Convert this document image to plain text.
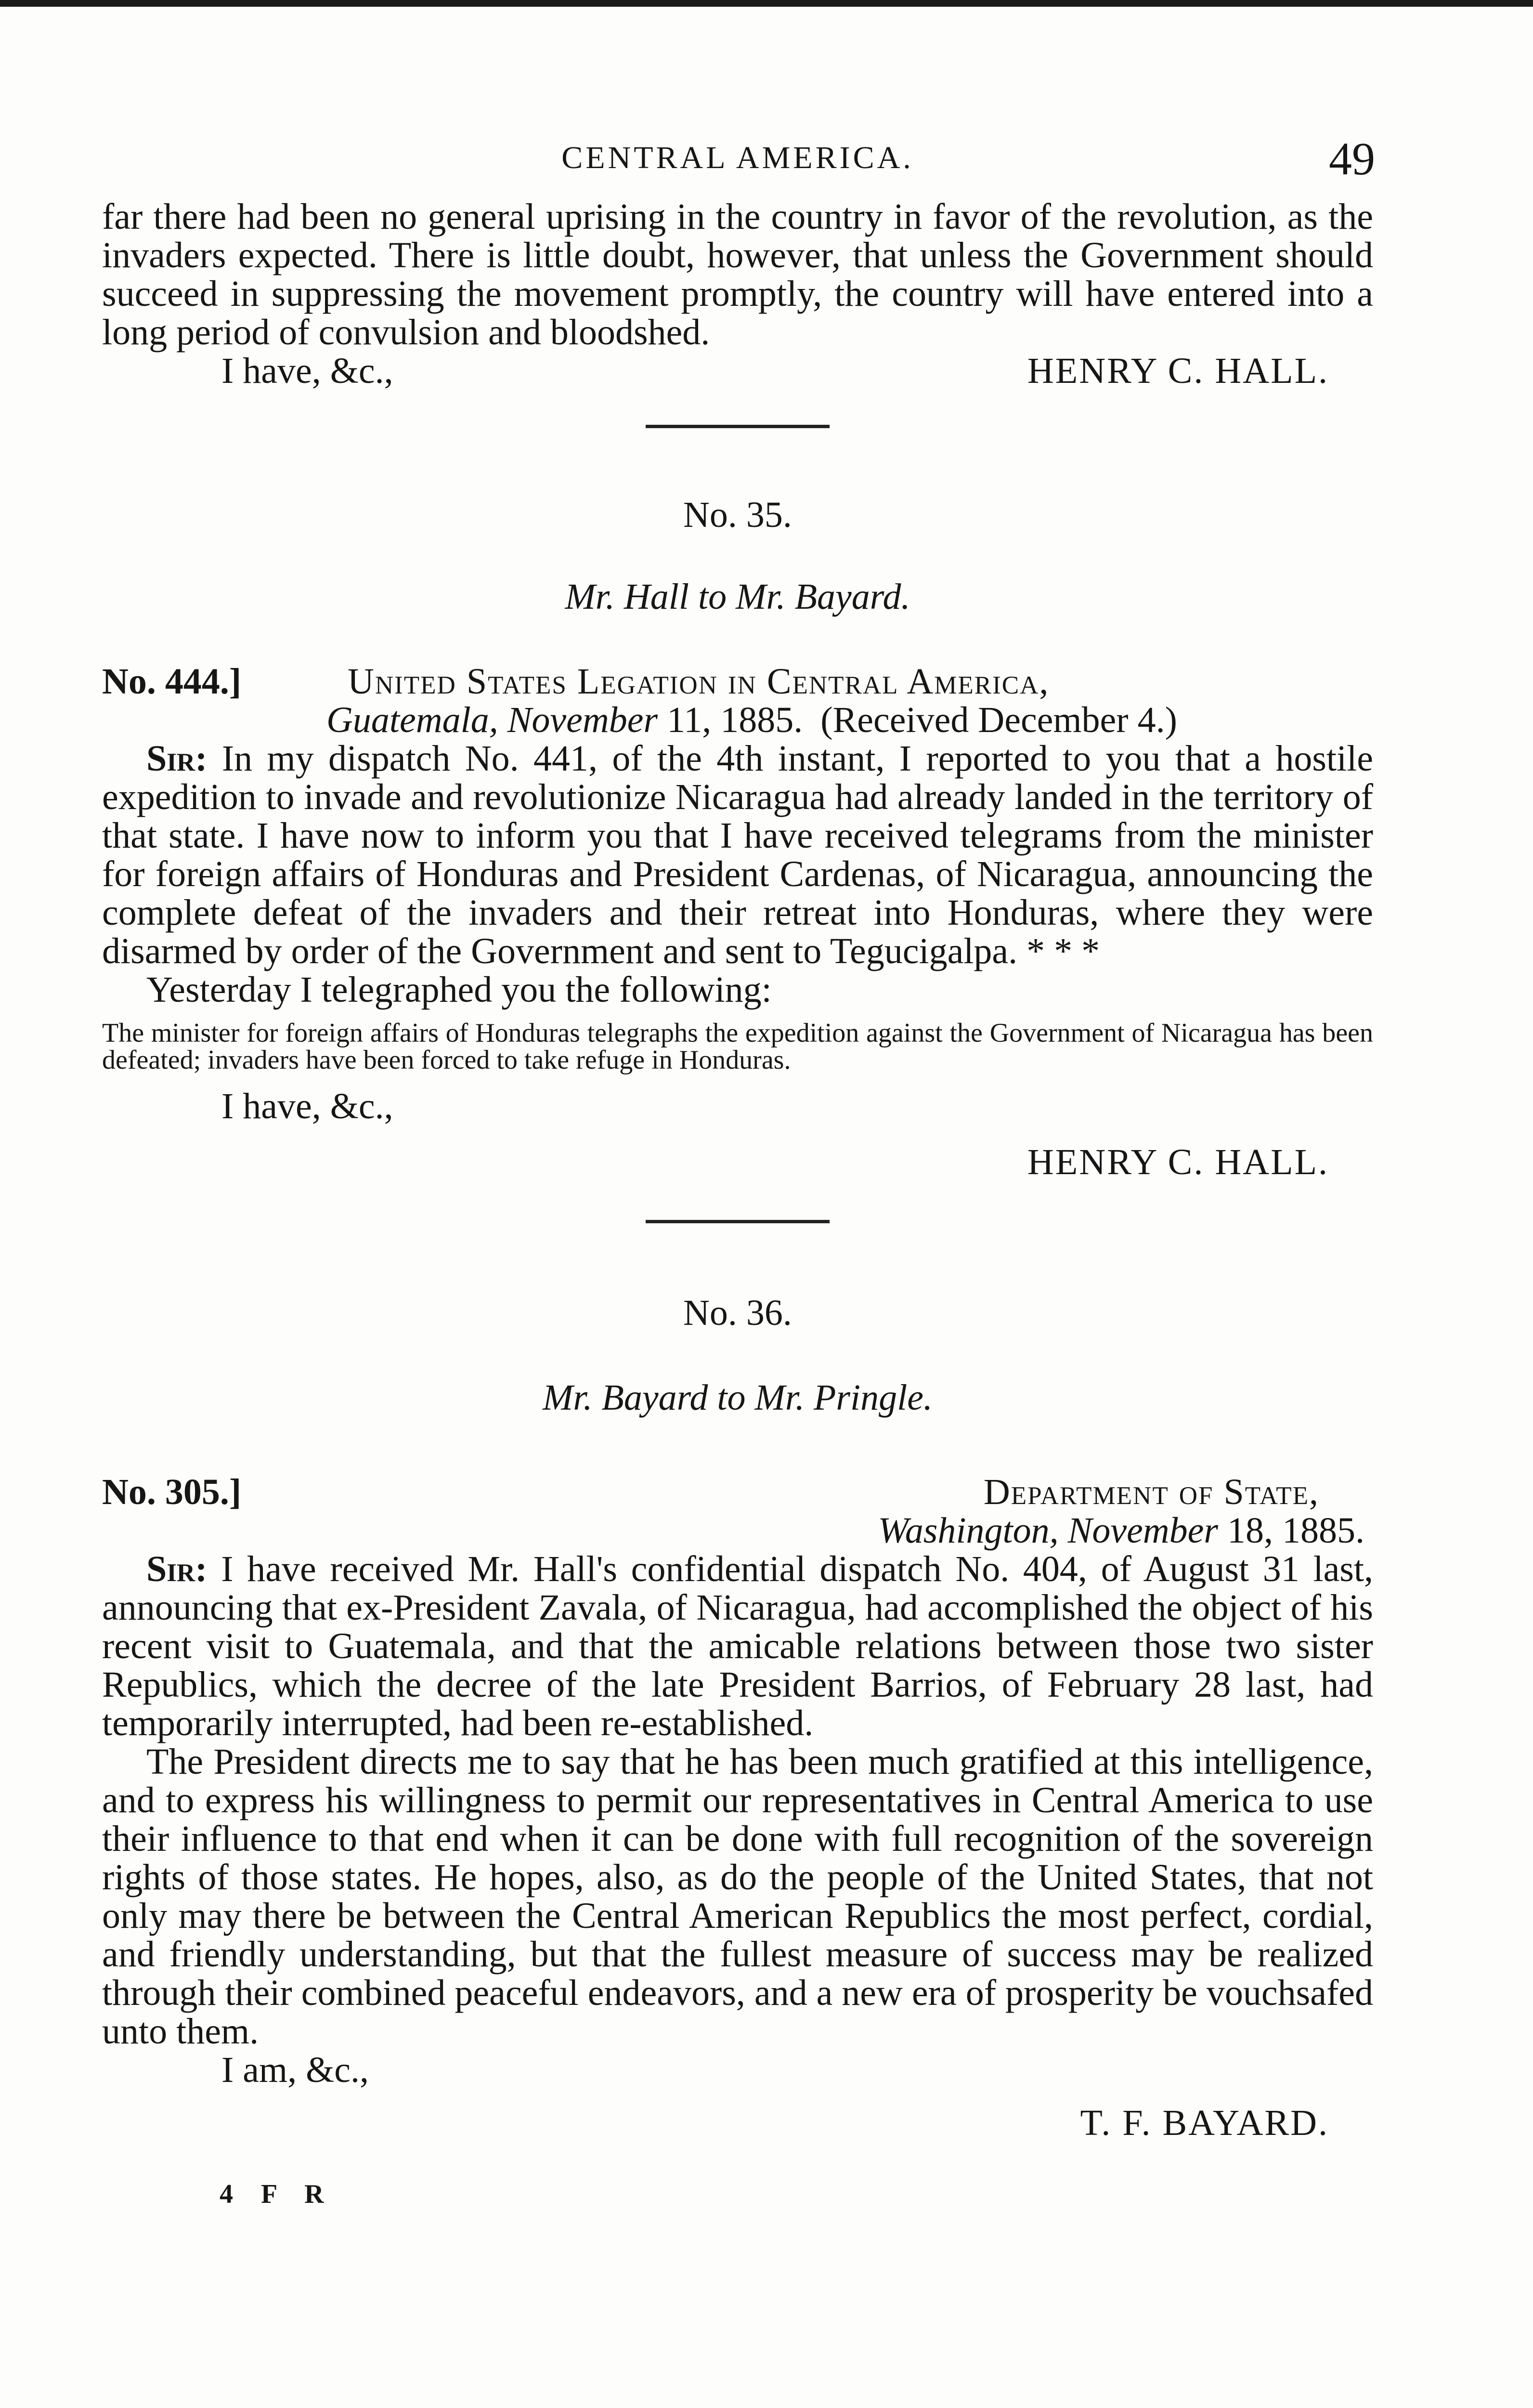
CENTRAL AMERICA.	49

far there had been no general uprising in the country in favor of the revolution, as the invaders expected. There is little doubt, however, that unless the Government should succeed in suppressing the movement promptly, the country will have entered into a long period of convulsion and bloodshed.

I have, &c.,	HENRY C. HALL.
No. 35.
Mr. Hall to Mr. Bayard.
No. 444.]	United States Legation in Central America,
Guatemala, November 11, 1885. (Received December 4.)

Sir: In my dispatch No. 441, of the 4th instant, I reported to you that a hostile expedition to invade and revolutionize Nicaragua had already landed in the territory of that state. I have now to inform you that I have received telegrams from the minister for foreign affairs of Honduras and President Cardenas, of Nicaragua, announcing the complete defeat of the invaders and their retreat into Honduras, where they were disarmed by order of the Government and sent to Tegucigalpa. * * *

Yesterday I telegraphed you the following:

The minister for foreign affairs of Honduras telegraphs the expedition against the Government of Nicaragua has been defeated; invaders have been forced to take refuge in Honduras.

I have, &c.,
HENRY C. HALL.
No. 36.
Mr. Bayard to Mr. Pringle.
No. 305.]	Department of State,
Washington, November 18, 1885.

Sir: I have received Mr. Hall's confidential dispatch No. 404, of August 31 last, announcing that ex-President Zavala, of Nicaragua, had accomplished the object of his recent visit to Guatemala, and that the amicable relations between those two sister Republics, which the decree of the late President Barrios, of February 28 last, had temporarily interrupted, had been re-established.

The President directs me to say that he has been much gratified at this intelligence, and to express his willingness to permit our representatives in Central America to use their influence to that end when it can be done with full recognition of the sovereign rights of those states. He hopes, also, as do the people of the United States, that not only may there be between the Central American Republics the most perfect, cordial, and friendly understanding, but that the fullest measure of success may be realized through their combined peaceful endeavors, and a new era of prosperity be vouchsafed unto them.

I am, &c.,
T. F. BAYARD.
4 F R
